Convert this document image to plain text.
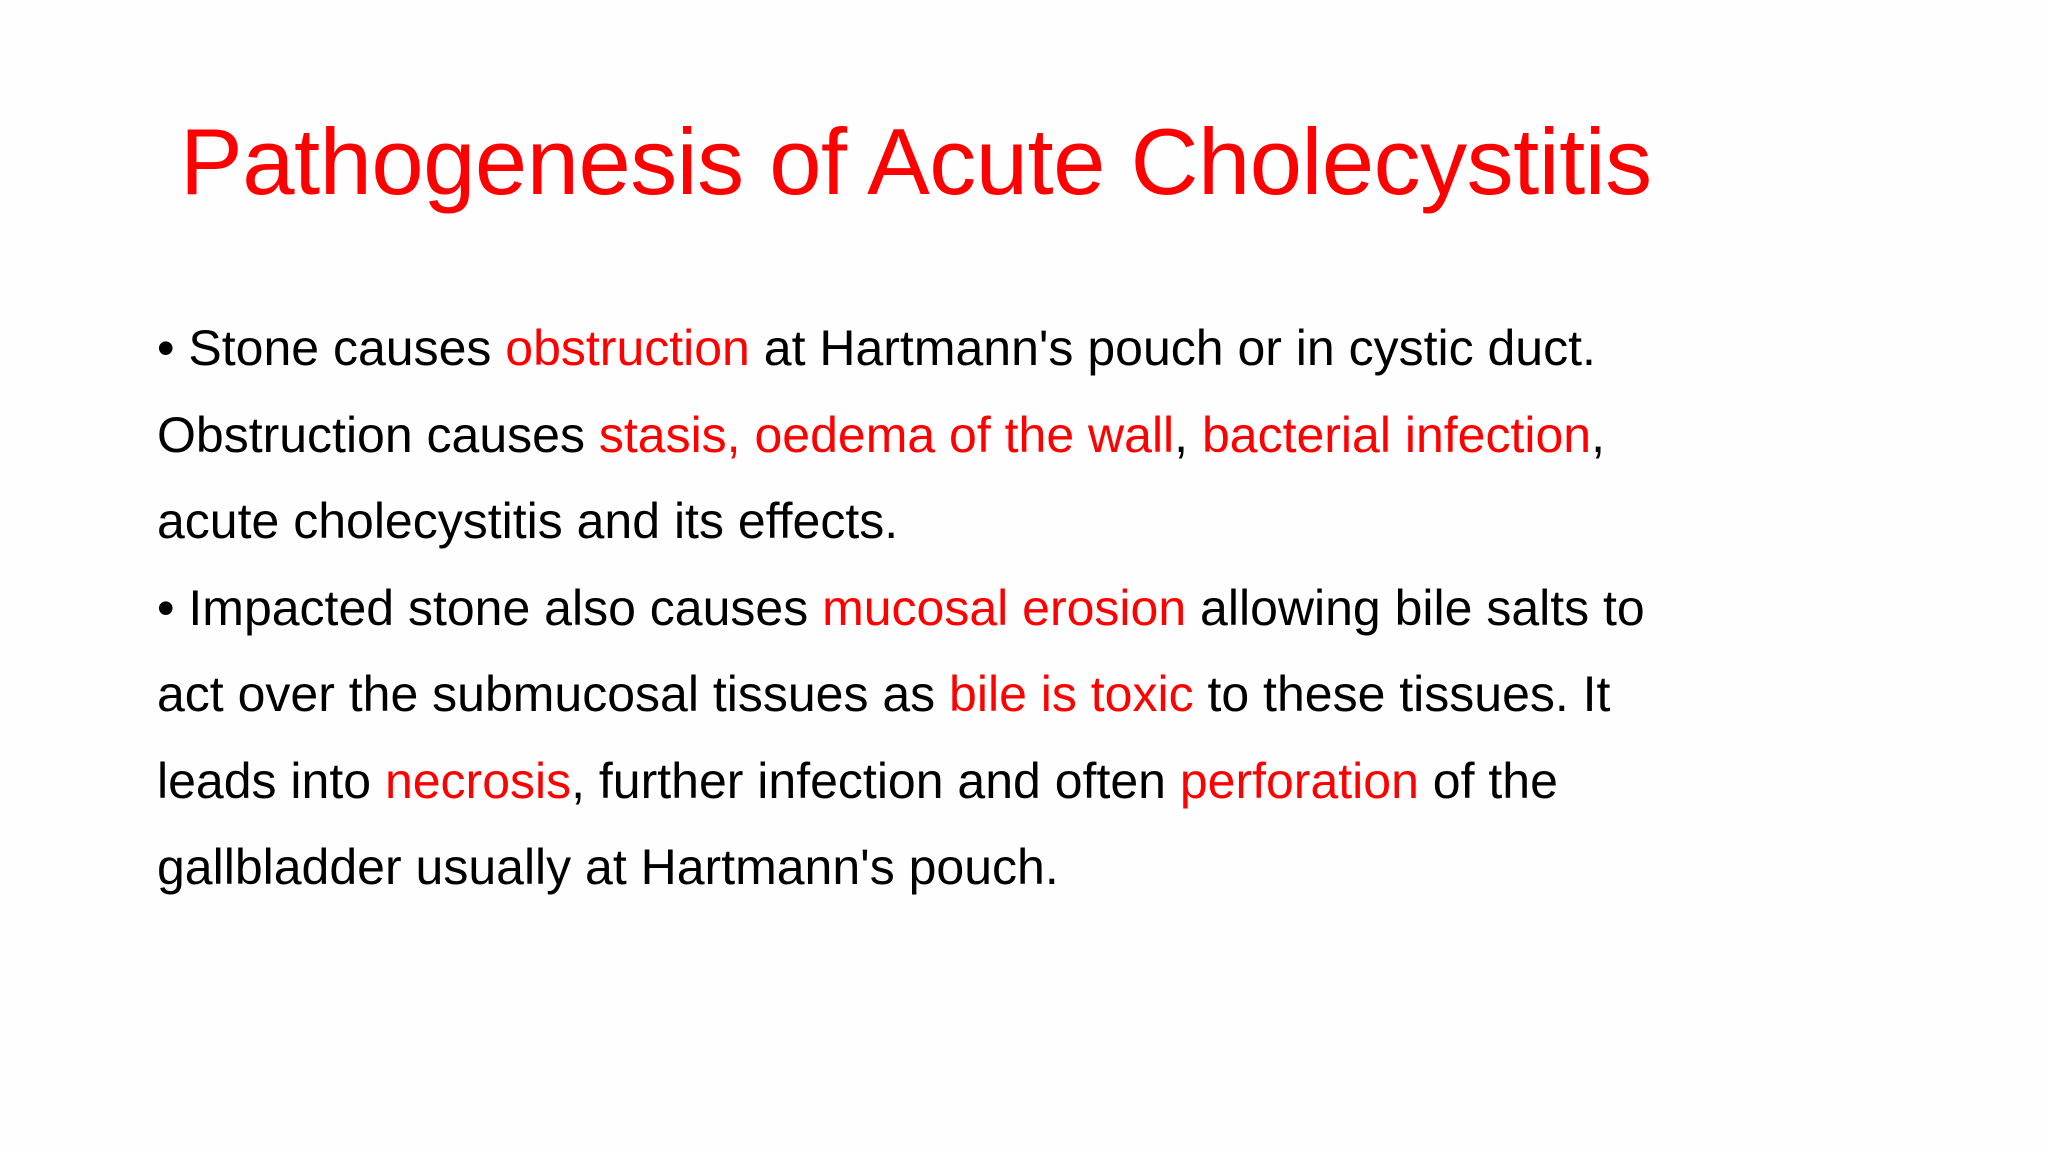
Pathogenesis of Acute Cholecystitis

• Stone causes obstruction at Hartmann's pouch or in cystic duct. Obstruction causes stasis, oedema of the wall, bacterial infection, acute cholecystitis and its effects.

• Impacted stone also causes mucosal erosion allowing bile salts to act over the submucosal tissues as bile is toxic to these tissues. It leads into necrosis, further infection and often perforation of the gallbladder usually at Hartmann's pouch.
